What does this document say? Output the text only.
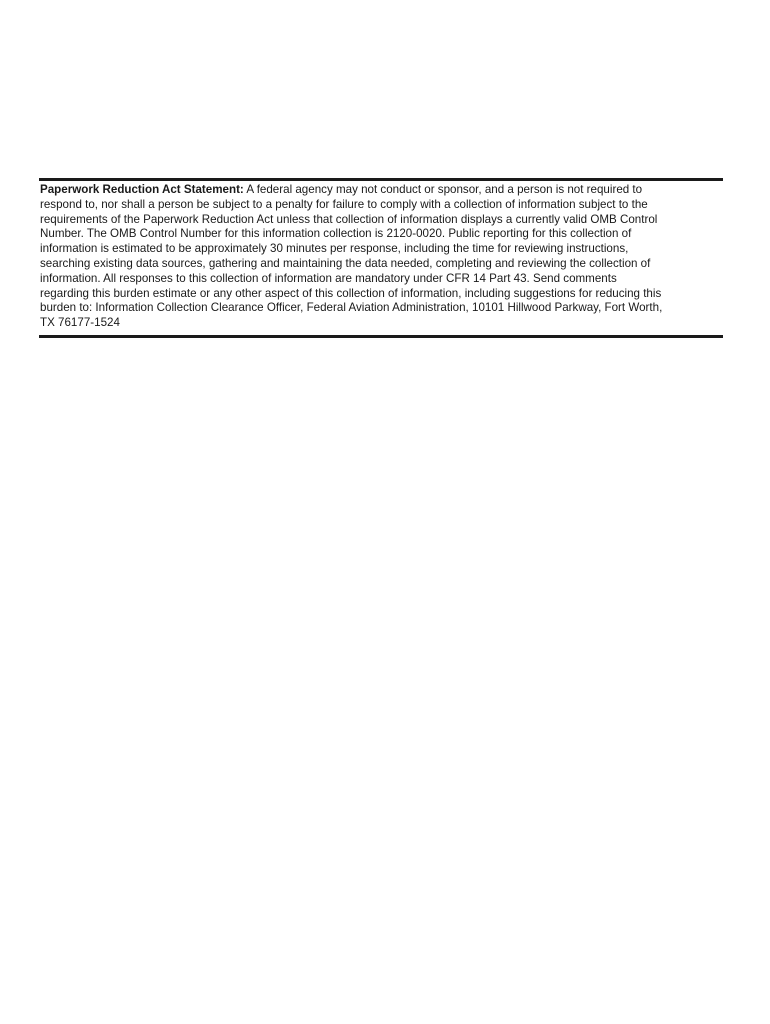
Paperwork Reduction Act Statement: A federal agency may not conduct or sponsor, and a person is not required to
respond to, nor shall a person be subject to a penalty for failure to comply with a collection of information subject to the
requirements of the Paperwork Reduction Act unless that collection of information displays a currently valid OMB Control
Number. The OMB Control Number for this information collection is 2120-0020. Public reporting for this collection of
information is estimated to be approximately 30 minutes per response, including the time for reviewing instructions,
searching existing data sources, gathering and maintaining the data needed, completing and reviewing the collection of
information. All responses to this collection of information are mandatory under CFR 14 Part 43. Send comments
regarding this burden estimate or any other aspect of this collection of information, including suggestions for reducing this
burden to: Information Collection Clearance Officer, Federal Aviation Administration, 10101 Hillwood Parkway, Fort Worth,
TX 76177-1524
